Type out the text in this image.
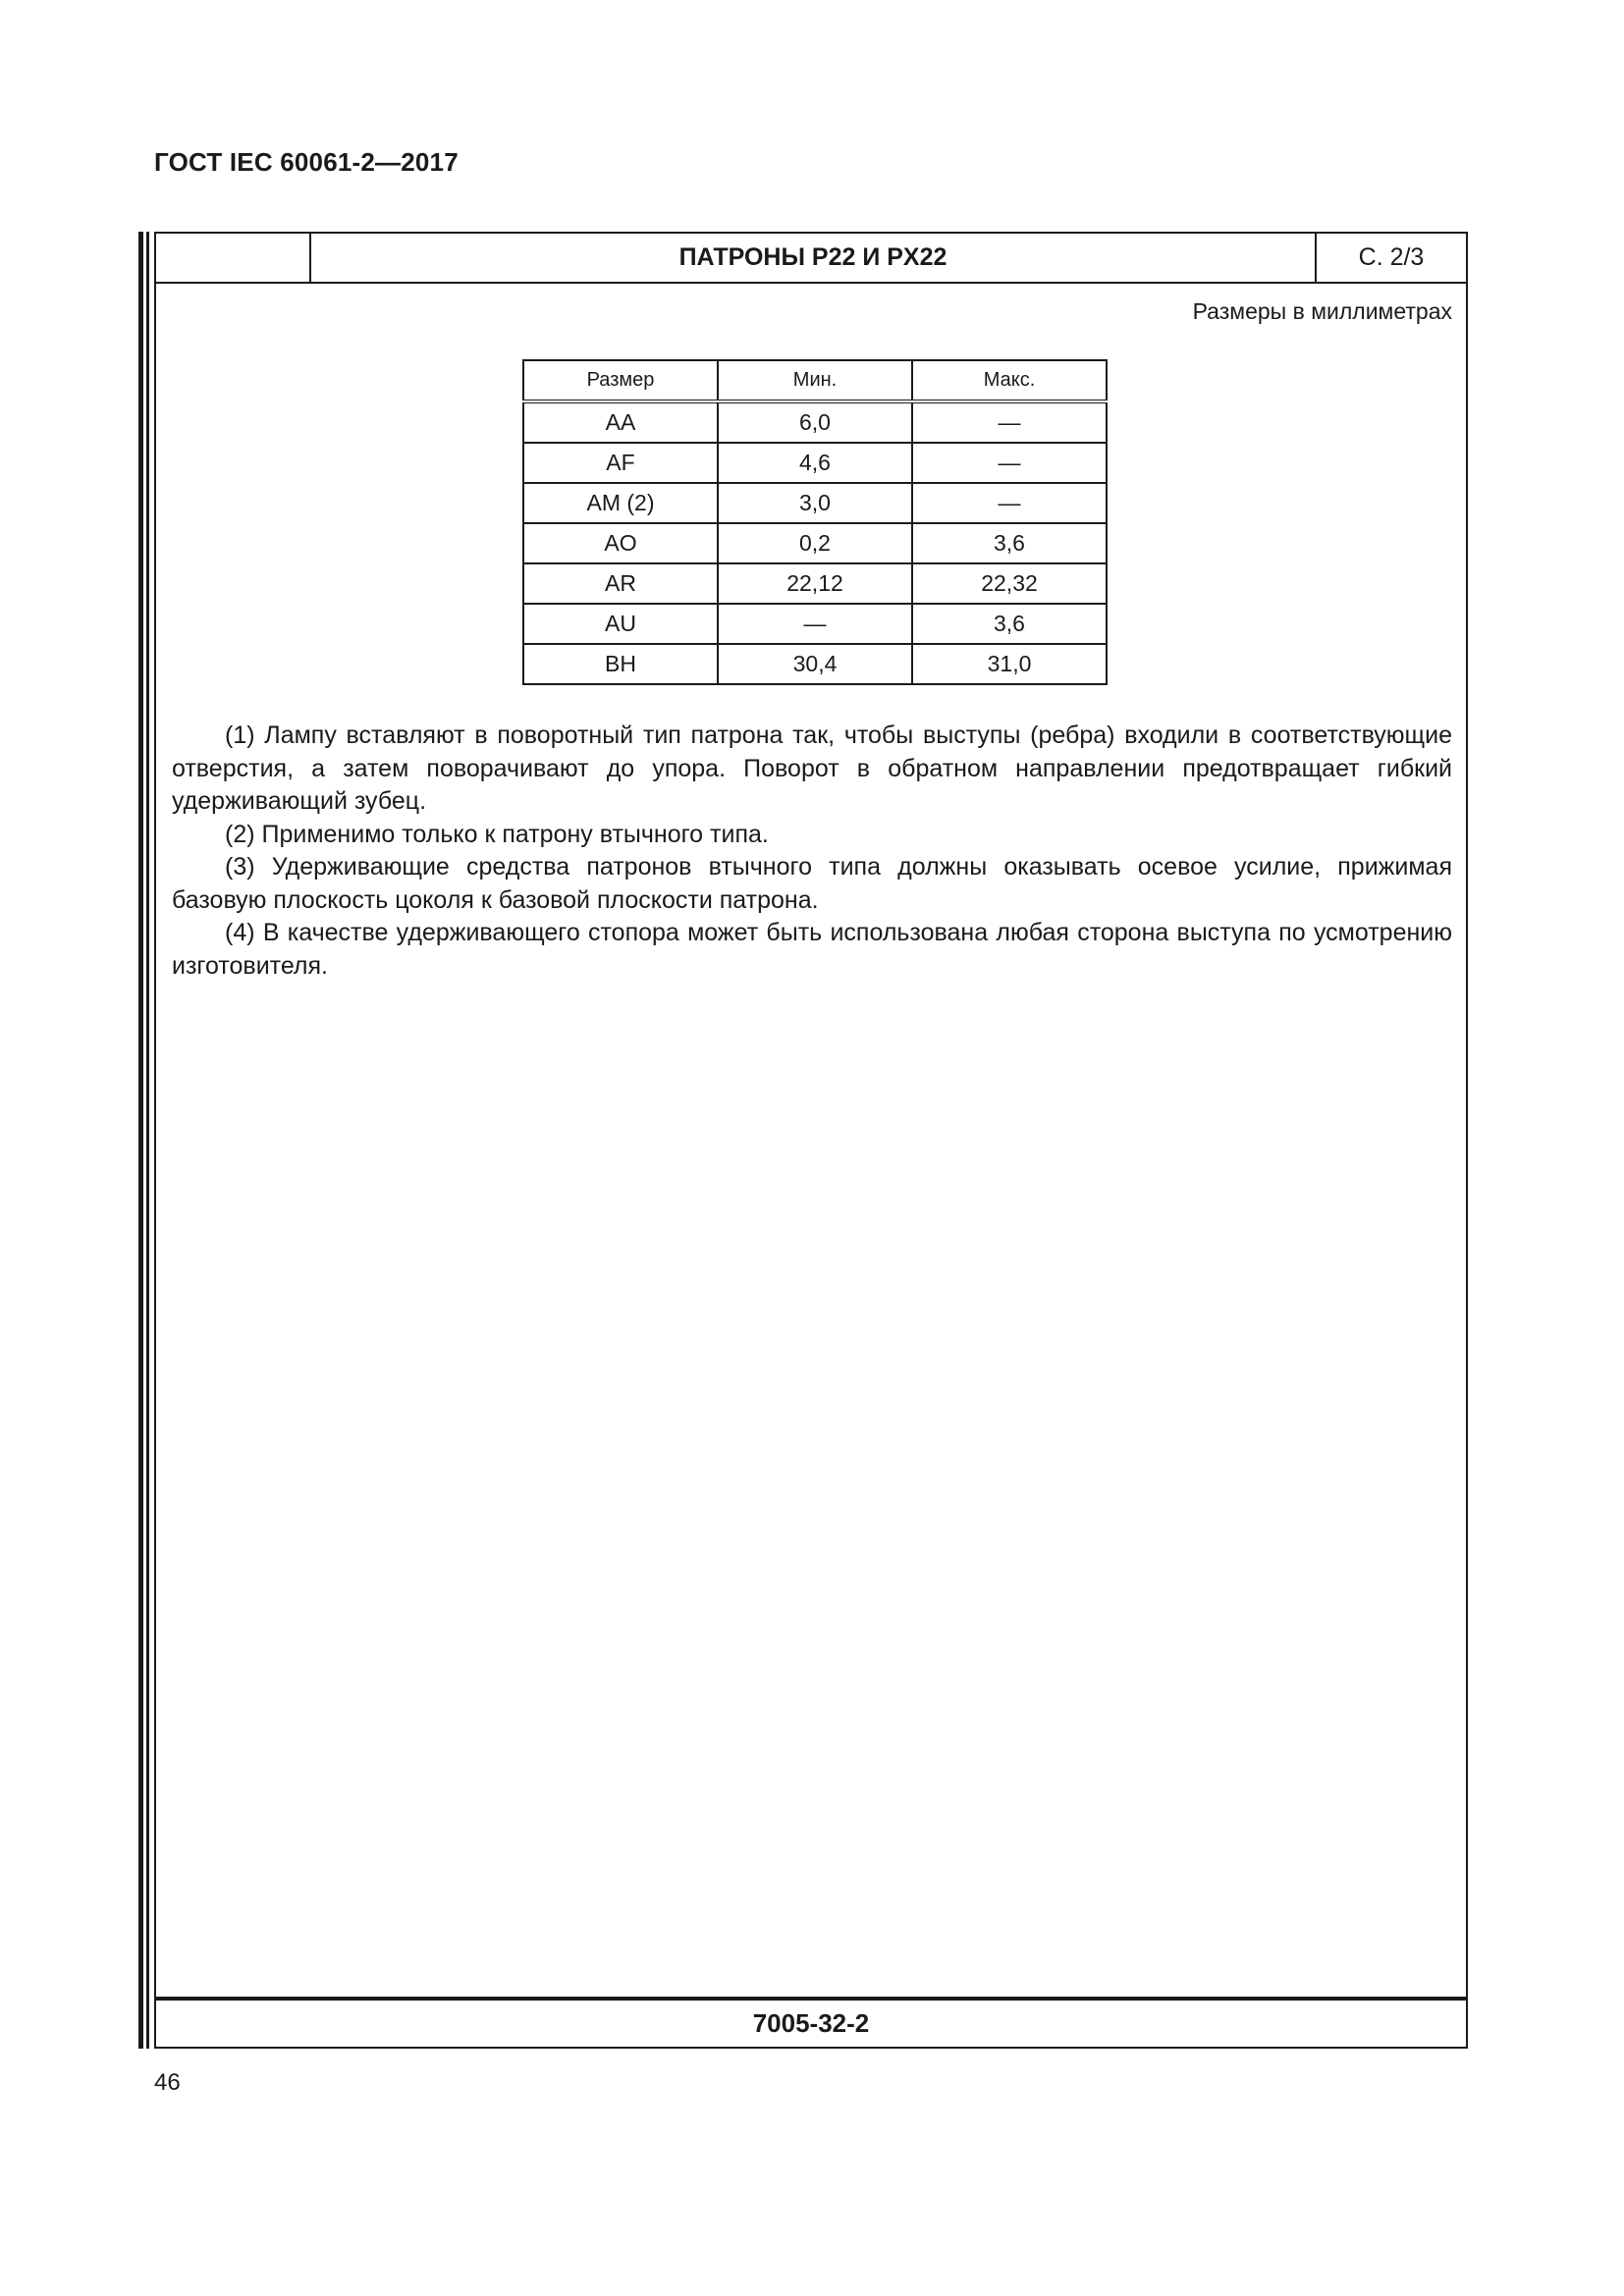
ГОСТ IEC 60061-2—2017
ПАТРОНЫ P22 И PX22	С. 2/3
Размеры в миллиметрах
Размер	Мин.	Макс.
AA	6,0	—
AF	4,6	—
AM (2)	3,0	—
AO	0,2	3,6
AR	22,12	22,32
AU	—	3,6
BH	30,4	31,0

(1) Лампу вставляют в поворотный тип патрона так, чтобы выступы (ребра) входили в соответствующие отверстия, а затем поворачивают до упора. Поворот в обратном направлении предотвращает гибкий удерживающий зубец.

(2) Применимо только к патрону втычного типа.

(3) Удерживающие средства патронов втычного типа должны оказывать осевое усилие, прижимая базовую плоскость цоколя к базовой плоскости патрона.

(4) В качестве удерживающего стопора может быть использована любая сторона выступа по усмотрению изготовителя.

7005-32-2
46
